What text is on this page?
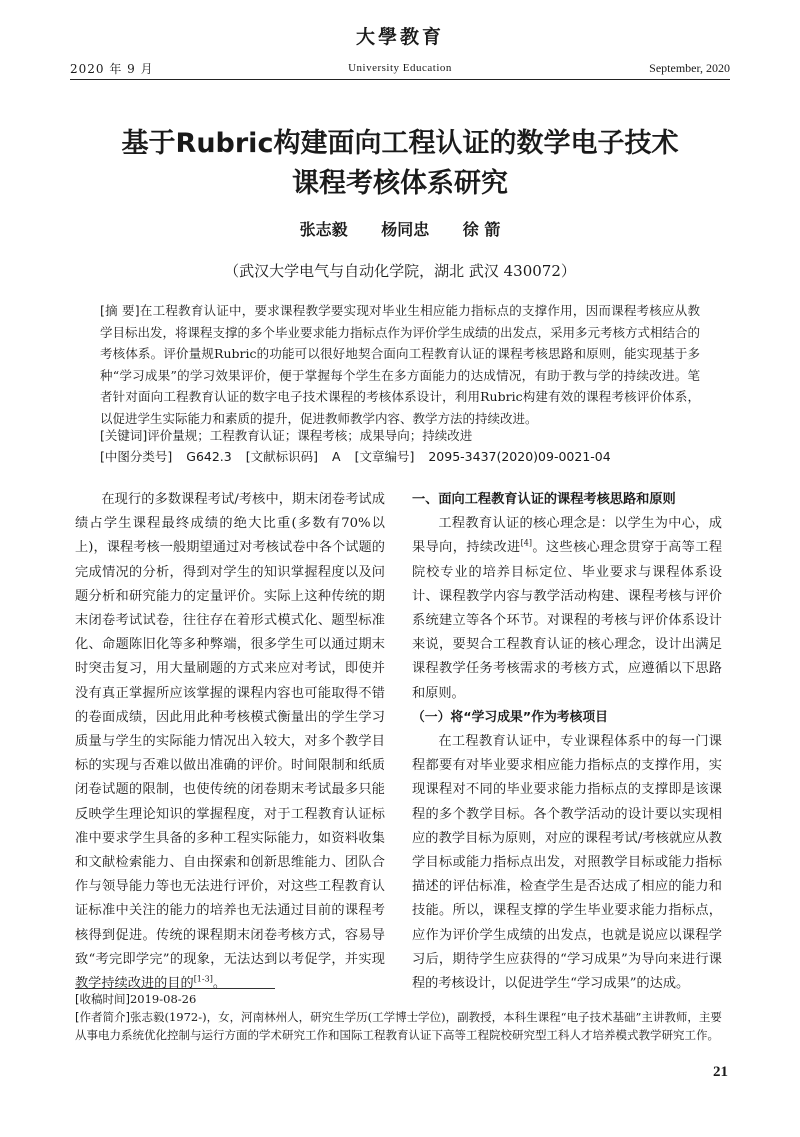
大學教育
2020 年 9 月	University Education	September, 2020
基于Rubric构建面向工程认证的数学电子技术
课程考核体系研究
张志毅 杨同忠 徐 箭
（武汉大学电气与自动化学院，湖北 武汉 430072）
[摘 要]在工程教育认证中，要求课程教学要实现对毕业生相应能力指标点的支撑作用，因而课程考核应从教学目标出发，将课程支撑的多个毕业要求能力指标点作为评价学生成绩的出发点，采用多元考核方式相结合的考核体系。评价量规Rubric的功能可以很好地契合面向工程教育认证的课程考核思路和原则，能实现基于多种“学习成果”的学习效果评价，便于掌握每个学生在多方面能力的达成情况，有助于教与学的持续改进。笔者针对面向工程教育认证的数字电子技术课程的考核体系设计，利用Rubric构建有效的课程考核评价体系，以促进学生实际能力和素质的提升，促进教师教学内容、教学方法的持续改进。
[关键词]评价量规；工程教育认证；课程考核；成果导向；持续改进
[中图分类号] G642.3 [文献标识码] A [文章编号] 2095-3437(2020)09-0021-04

在现行的多数课程考试/考核中，期末闭卷考试成绩占学生课程最终成绩的绝大比重(多数有70%以上)，课程考核一般期望通过对考核试卷中各个试题的完成情况的分析，得到对学生的知识掌握程度以及问题分析和研究能力的定量评价。实际上这种传统的期末闭卷考试试卷，往往存在着形式模式化、题型标准化、命题陈旧化等多种弊端，很多学生可以通过期末时突击复习，用大量刷题的方式来应对考试，即使并没有真正掌握所应该掌握的课程内容也可能取得不错的卷面成绩，因此用此种考核模式衡量出的学生学习质量与学生的实际能力情况出入较大，对多个教学目标的实现与否难以做出准确的评价。时间限制和纸质闭卷试题的限制，也使传统的闭卷期末考试最多只能反映学生理论知识的掌握程度，对于工程教育认证标准中要求学生具备的多种工程实际能力，如资料收集和文献检索能力、自由探索和创新思维能力、团队合作与领导能力等也无法进行评价，对这些工程教育认证标准中关注的能力的培养也无法通过目前的课程考核得到促进。传统的课程期末闭卷考核方式，容易导致“考完即学完”的现象，无法达到以考促学，并实现教学持续改进的目的[1-3]。

一、面向工程教育认证的课程考核思路和原则

工程教育认证的核心理念是：以学生为中心，成果导向，持续改进[4]。这些核心理念贯穿于高等工程院校专业的培养目标定位、毕业要求与课程体系设计、课程教学内容与教学活动构建、课程考核与评价系统建立等各个环节。对课程的考核与评价体系设计来说，要契合工程教育认证的核心理念，设计出满足课程教学任务考核需求的考核方式，应遵循以下思路和原则。

（一）将“学习成果”作为考核项目

在工程教育认证中，专业课程体系中的每一门课程都要有对毕业要求相应能力指标点的支撑作用，实现课程对不同的毕业要求能力指标点的支撑即是该课程的多个教学目标。各个教学活动的设计要以实现相应的教学目标为原则，对应的课程考试/考核就应从教学目标或能力指标点出发，对照教学目标或能力指标描述的评估标准，检查学生是否达成了相应的能力和技能。所以，课程支撑的学生毕业要求能力指标点，应作为评价学生成绩的出发点，也就是说应以课程学习后，期待学生应获得的“学习成果”为导向来进行课程的考核设计，以促进学生“学习成果”的达成。

[收稿时间]2019-08-26
[作者简介]张志毅(1972-)，女，河南林州人，研究生学历(工学博士学位)，副教授，本科生课程“电子技术基础”主讲教师，主要从事电力系统优化控制与运行方面的学术研究工作和国际工程教育认证下高等工程院校研究型工科人才培养模式教学研究工作。
21
